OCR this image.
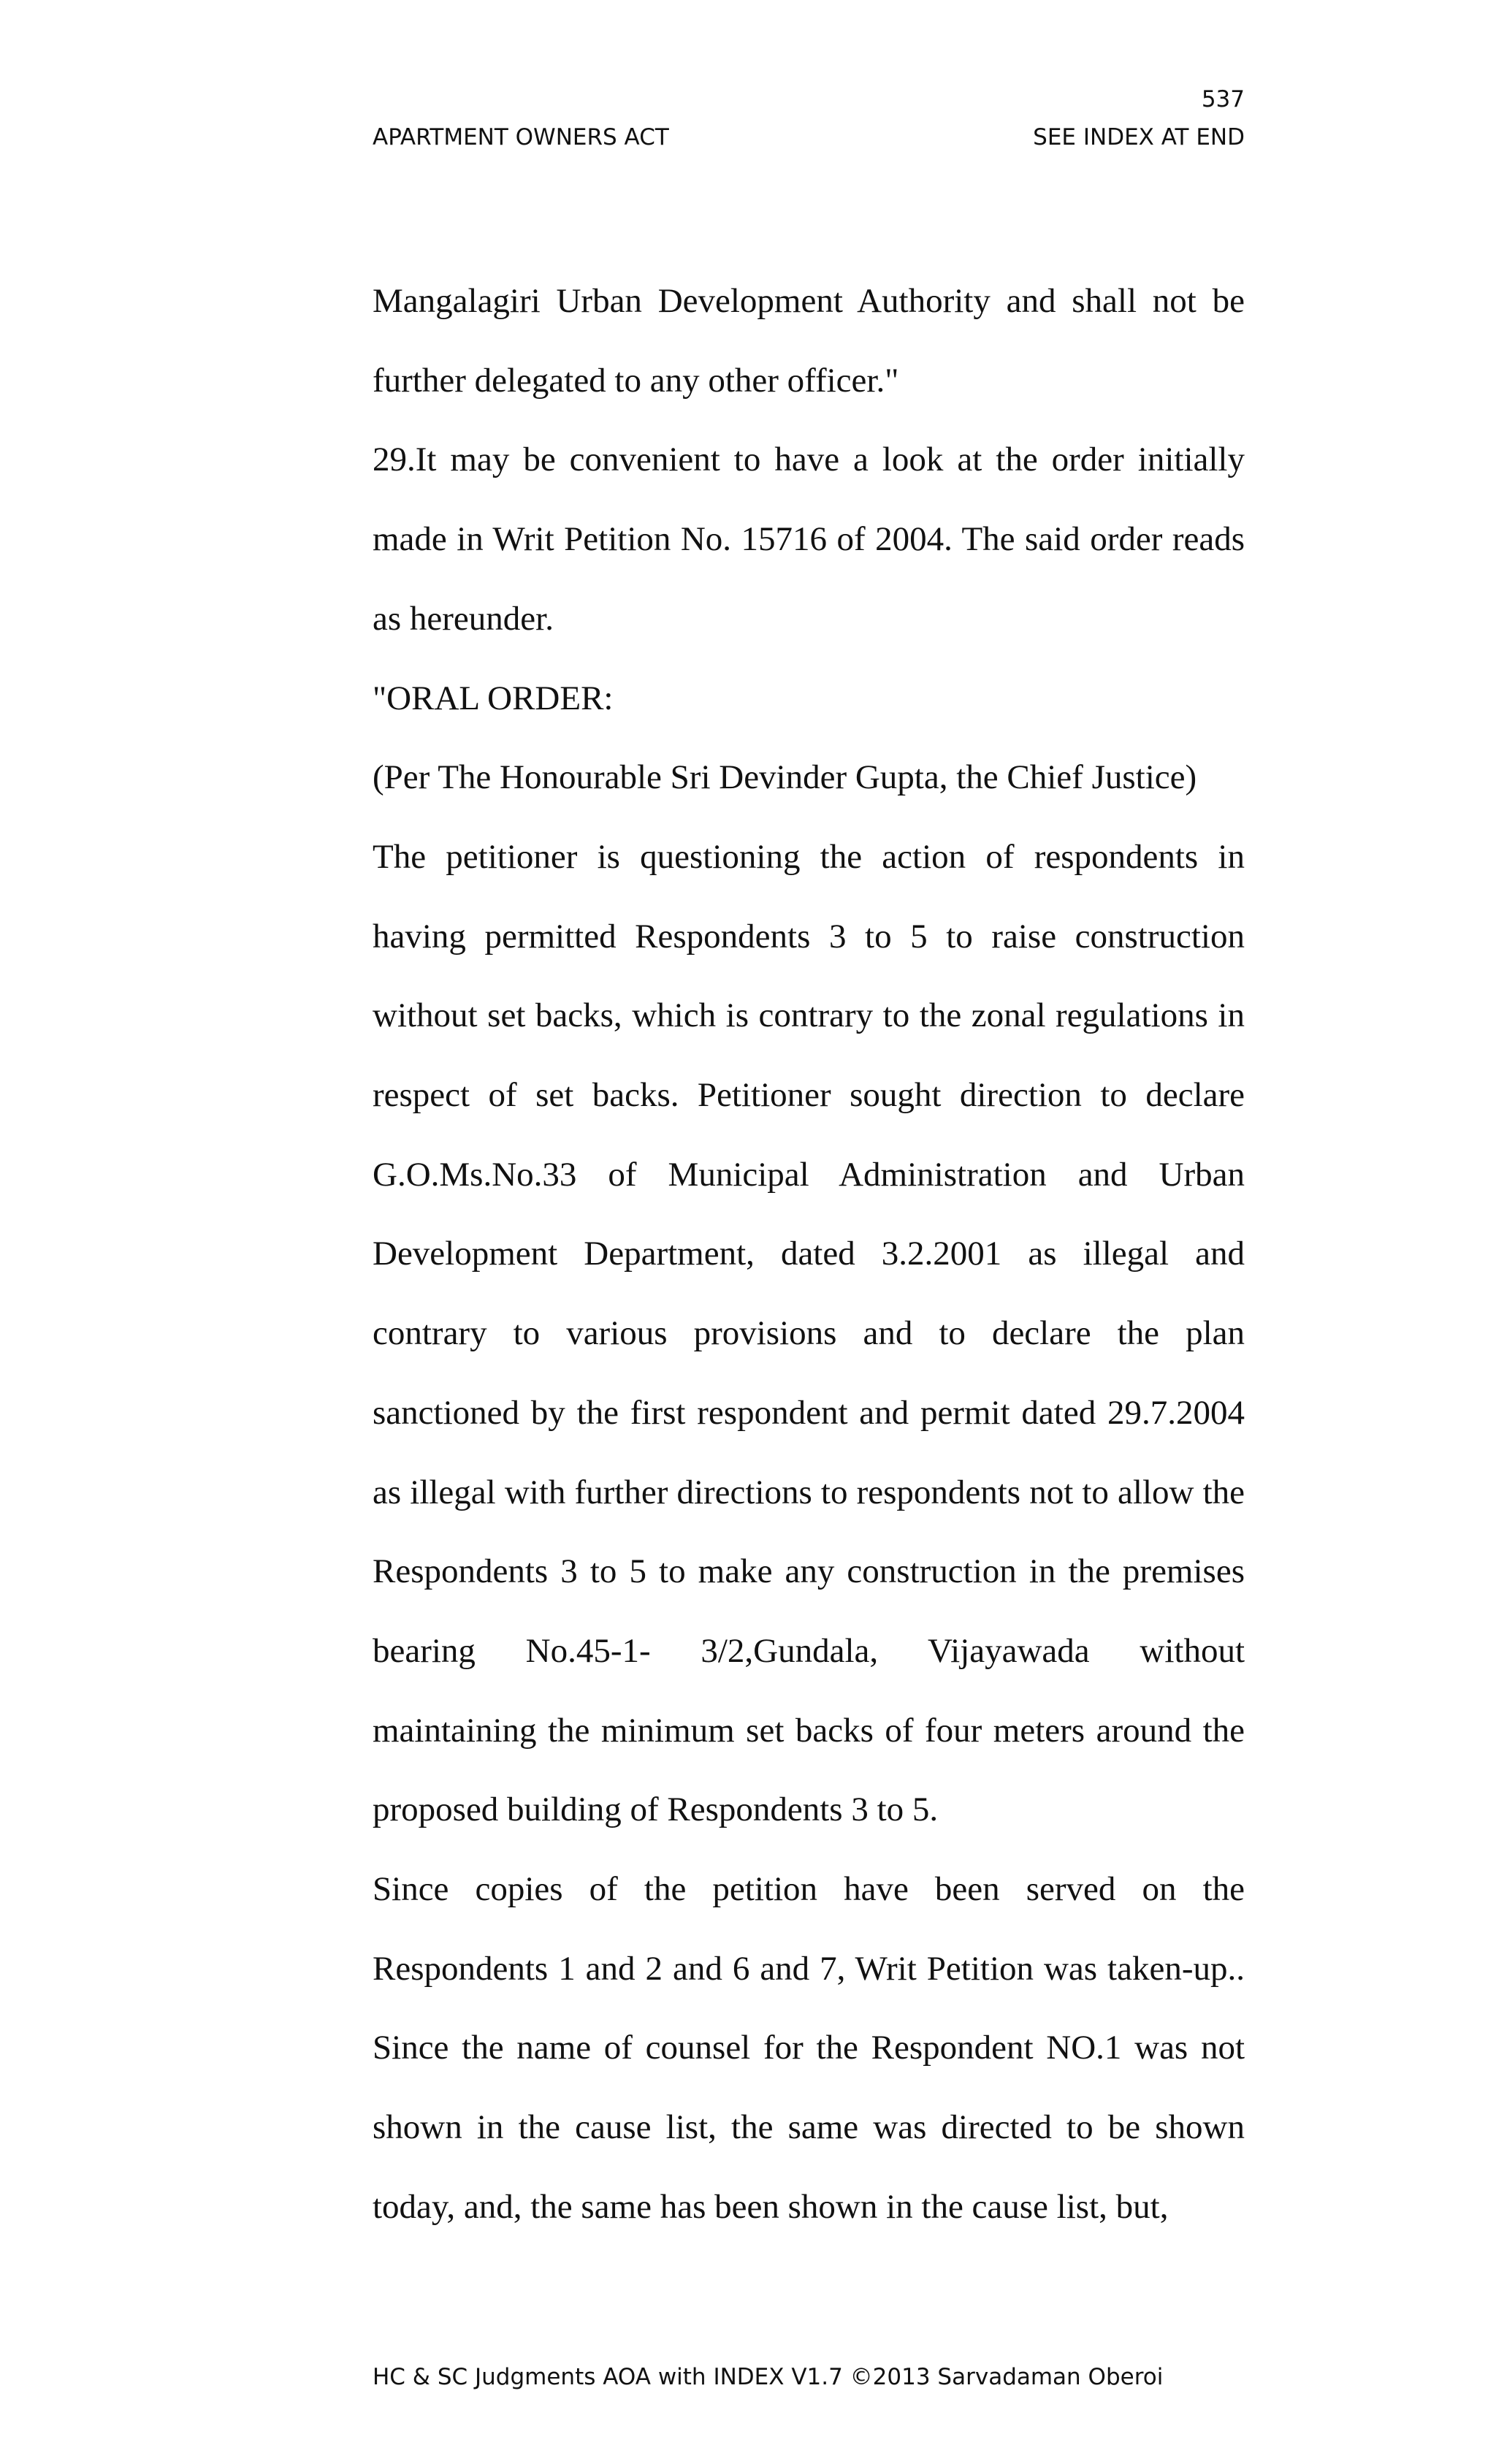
537
APARTMENT OWNERS ACT	SEE INDEX AT END

Mangalagiri Urban Development Authority and shall not be further delegated to any other officer."

29.It may be convenient to have a look at the order initially made in Writ Petition No. 15716 of 2004. The said order reads as hereunder.

"ORAL ORDER:

(Per The Honourable Sri Devinder Gupta, the Chief Justice)

The petitioner is questioning the action of respondents in having permitted Respondents 3 to 5 to raise construction without set backs, which is contrary to the zonal regulations in respect of set backs. Petitioner sought direction to declare G.O.Ms.No.33 of Municipal Administration and Urban Development Department, dated 3.2.2001 as illegal and contrary to various provisions and to declare the plan sanctioned by the first respondent and permit dated 29.7.2004 as illegal with further directions to respondents not to allow the Respondents 3 to 5 to make any construction in the premises bearing No.45-1- 3/2,Gundala, Vijayawada without maintaining the minimum set backs of four meters around the proposed building of Respondents 3 to 5.

Since copies of the petition have been served on the Respondents 1 and 2 and 6 and 7, Writ Petition was taken-up.. Since the name of counsel for the Respondent NO.1 was not shown in the cause list, the same was directed to be shown today, and, the same has been shown in the cause list, but,

HC & SC Judgments AOA with INDEX V1.7 ©2013 Sarvadaman Oberoi
